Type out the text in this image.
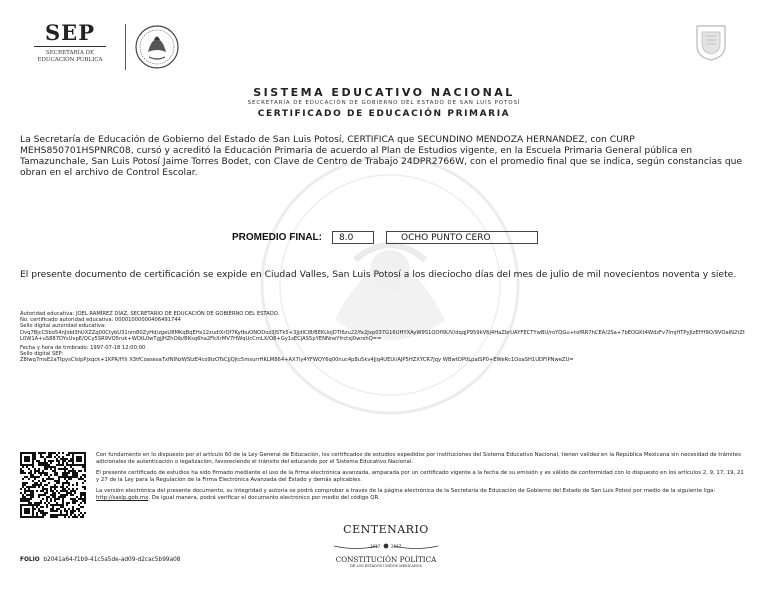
SEP
SECRETARÍA DE
EDUCACIÓN PÚBLICA
SISTEMA EDUCATIVO NACIONAL
SECRETARÍA DE EDUCACIÓN DE GOBIERNO DEL ESTADO DE SAN LUIS POTOSÍ
CERTIFICADO DE EDUCACIÓN PRIMARIA
La Secretaría de Educación de Gobierno del Estado de San Luis Potosí, CERTIFICA que SECUNDINO MENDOZA HERNANDEZ, con CURP MEHS850701HSPNRC08, cursó y acreditó la Educación Primaria de acuerdo al Plan de Estudios vigente, en la Escuela Primaria General pública en Tamazunchale, San Luis Potosí Jaime Torres Bodet, con Clave de Centro de Trabajo 24DPR2766W, con el promedio final que se indica, según constancias que obran en el archivo de Control Escolar.
PROMEDIO FINAL:	8.0	OCHO PUNTO CERO
El presente documento de certificación se expide en Ciudad Valles, San Luis Potosí a los dieciocho días del mes de julio de mil novecientos noventa y siete.

Autoridad educativa: JOEL RAMÍREZ DÍAZ, SECRETARIO DE EDUCACIÓN DE GOBIERNO DEL ESTADO.

No. certificado autoridad educativa: 00001000000406491744

Sello digital autoridad educativa:

Dvq7BjcC5bo54nJldd3hUXZZq00CtybU31nm80ZyHd/zgeU8MKqBqEHs12zudlXrQf7KyfbuONODoz3JSTk5+3JjdlCl8/BEKUoJDTI6zu22/fx2Jxp037G16UHYXAyW9S1QOfl9UV/dqqjP959kV6j4HaZbrUAYFECTYwBU/roYQGu+tofRR7hCEA/2Sa+7bEOGKt4WdzFv7lmjHTPyJIzEfYf9O/9VOaIN2tZtL0W1A+uS887DYsUvpE/QCy5SR9VQ5ruk+WOtL0wTgjJHZhOib/BKsq6ha2FkXrMV7HWqUcCmLX/O8+Gy1sECjAS5pYENNneYfrctxJ0wrxhQ==

Fecha y hora de timbrado: 1997-07-18 12:00:00

Sello digital SEP:

Z8lwq7msE2aTtpysClslpPjxqck+1KPR/fYli X3tfCoasesaTxfNlNzWStzE4co9lzOTsCJjQjtc5msurrHKLM864+AX7ly4YFWQY6q00nuc4p8u5kv4Jjq4UEUi/AJP5HZXYCR7Jqy WBwtOP0LpaISP0+EWeRc1OoaSH1UDFlPNweZU=

Con fundamento en lo dispuesto por el artículo 60 de la Ley General de Educación, los certificados de estudios expedidos por instituciones del Sistema Educativo Nacional, tienen validez en la República Mexicana sin necesidad de trámites adicionales de autenticación o legalización, favoreciendo el tránsito del educando por el Sistema Educativo Nacional.

El presente certificado de estudios ha sido firmado mediante el uso de la firma electrónica avanzada, amparada por un certificado vigente a la fecha de su emisión y es válido de conformidad con lo dispuesto en los artículos 2, 9, 17, 19, 21 y 27 de la Ley para la Regulación de la Firma Electrónica Avanzada del Estado y demás aplicables.

La versión electrónica del presente documento, su integridad y autoría se podrá comprobar a través de la página electrónica de la Secretaría de Educación de Gobierno del Estado de San Luis Potosí por medio de la siguiente liga: http://saslp.gob.mx. De igual manera, podrá verificar el documento electrónico por medio del código QR.

FOLIO b2041a64-f1b9-41c5a5de-ad09-d2cac5b99a08
CENTENARIO
1917	2017
CONSTITUCIÓN POLÍTICA
DE LOS ESTADOS UNIDOS MEXICANOS
